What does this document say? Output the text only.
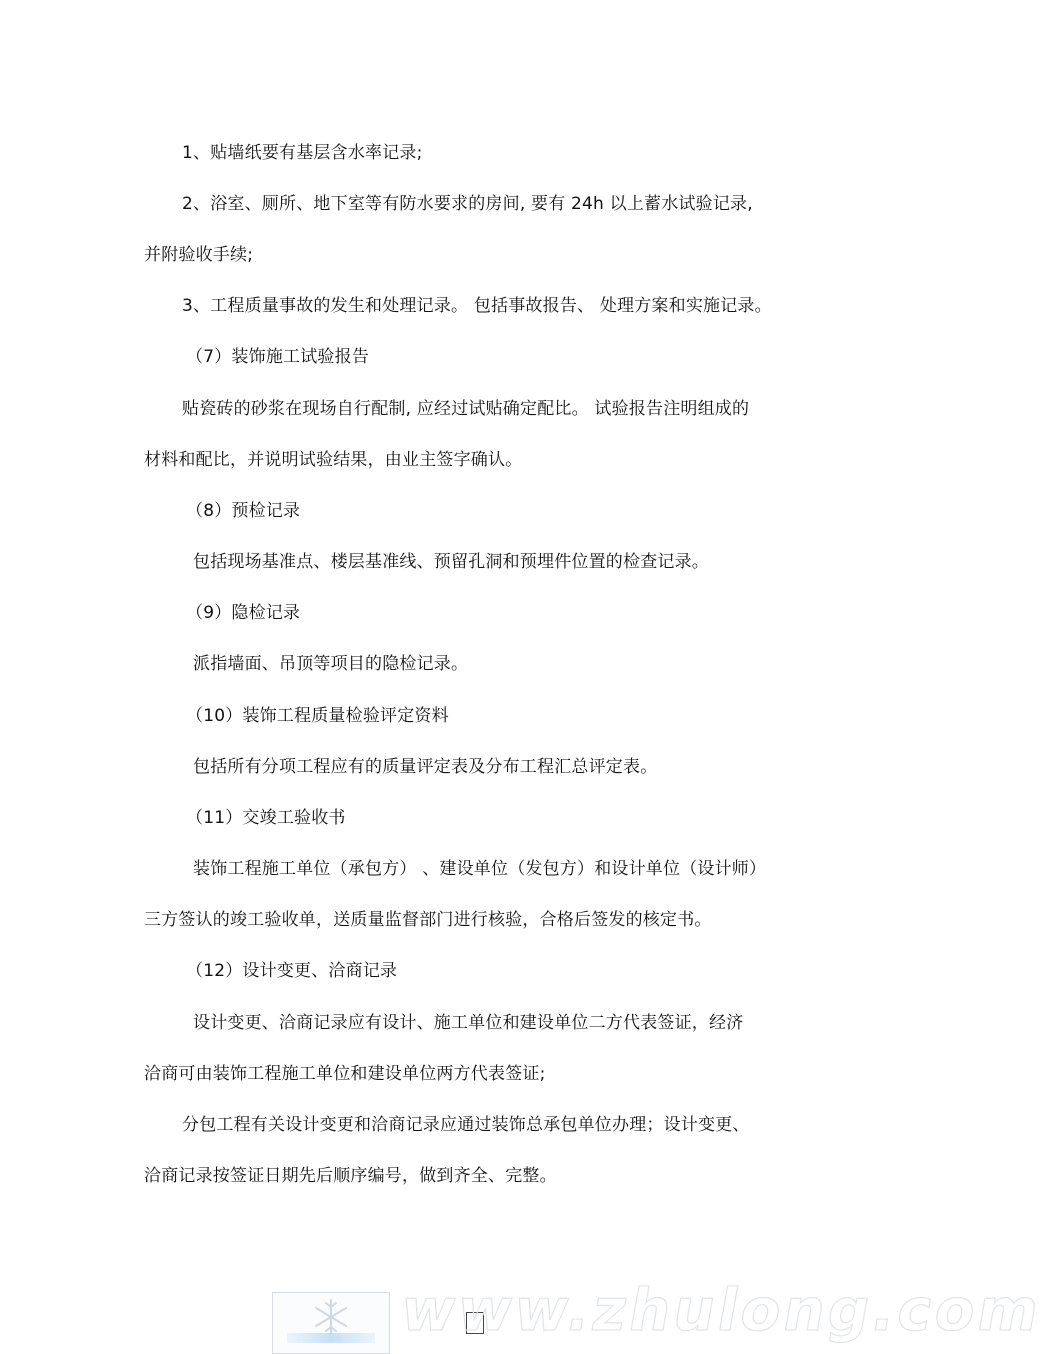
1、贴墙纸要有基层含水率记录;
2、浴室、厕所、地下室等有防水要求的房间, 要有 24h 以上蓄水试验记录,
并附验收手续;
3、工程质量事故的发生和处理记录。 包括事故报告、 处理方案和实施记录。
（7）装饰施工试验报告
贴瓷砖的砂浆在现场自行配制, 应经过试贴确定配比。 试验报告注明组成的
材料和配比，并说明试验结果，由业主签字确认。
（8）预检记录
包括现场基准点、楼层基准线、预留孔洞和预埋件位置的检查记录。
（9）隐检记录
派指墙面、吊顶等项目的隐检记录。
（10）装饰工程质量检验评定资料
包括所有分项工程应有的质量评定表及分布工程汇总评定表。
（11）交竣工验收书
装饰工程施工单位（承包方） 、建设单位（发包方）和设计单位（设计师）
三方签认的竣工验收单，送质量监督部门进行核验，合格后签发的核定书。
（12）设计变更、洽商记录
设计变更、洽商记录应有设计、施工单位和建设单位二方代表签证，经济
洽商可由装饰工程施工单位和建设单位两方代表签证;
分包工程有关设计变更和洽商记录应通过装饰总承包单位办理；设计变更、
洽商记录按签证日期先后顺序编号，做到齐全、完整。
www.zhulong.com
